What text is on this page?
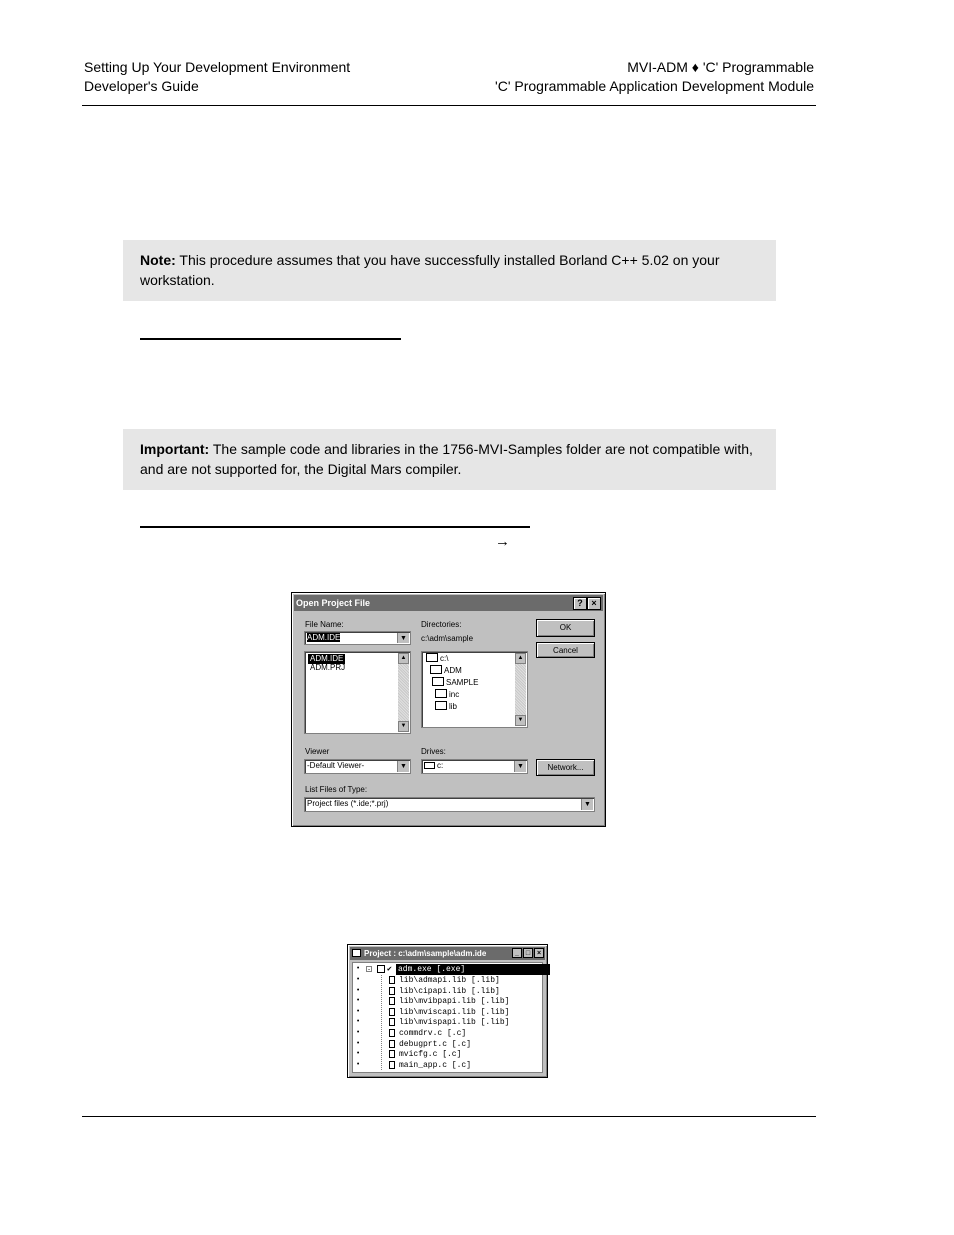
Setting Up Your Development Environment
Developer's Guide
MVI-ADM ♦ 'C' Programmable
'C' Programmable Application Development Module

Note: This procedure assumes that you have successfully installed Borland C++ 5.02 on your workstation.

Important: The sample code and libraries in the 1756-MVI-Samples folder are not compatible with, and are not supported for, the Digital Mars compiler.

→
Open Project File	? ×
File Name:
ADM.IDE	▼
ADM.IDE
ADM.PRJ
▲
▼
Directories:
c:\adm\sample
c:\
ADM
SAMPLE
inc
lib
▲
▼
OK
Cancel
Viewer
-Default Viewer-	▼
Drives:
c:	▼	Network...
List Files of Type:
Project files (*.ide;*.prj)	▼
Project : c:\adm\sample\adm.ide	_ □ ×
• - ✔ adm.exe [.exe]
•	lib\admapi.lib [.lib]
•	lib\cipapi.lib [.lib]
•	lib\mvibpapi.lib [.lib]
•	lib\mviscapi.lib [.lib]
•	lib\mvispapi.lib [.lib]
•	commdrv.c [.c]
•	debugprt.c [.c]
•	mvicfg.c [.c]
•	main_app.c [.c]
